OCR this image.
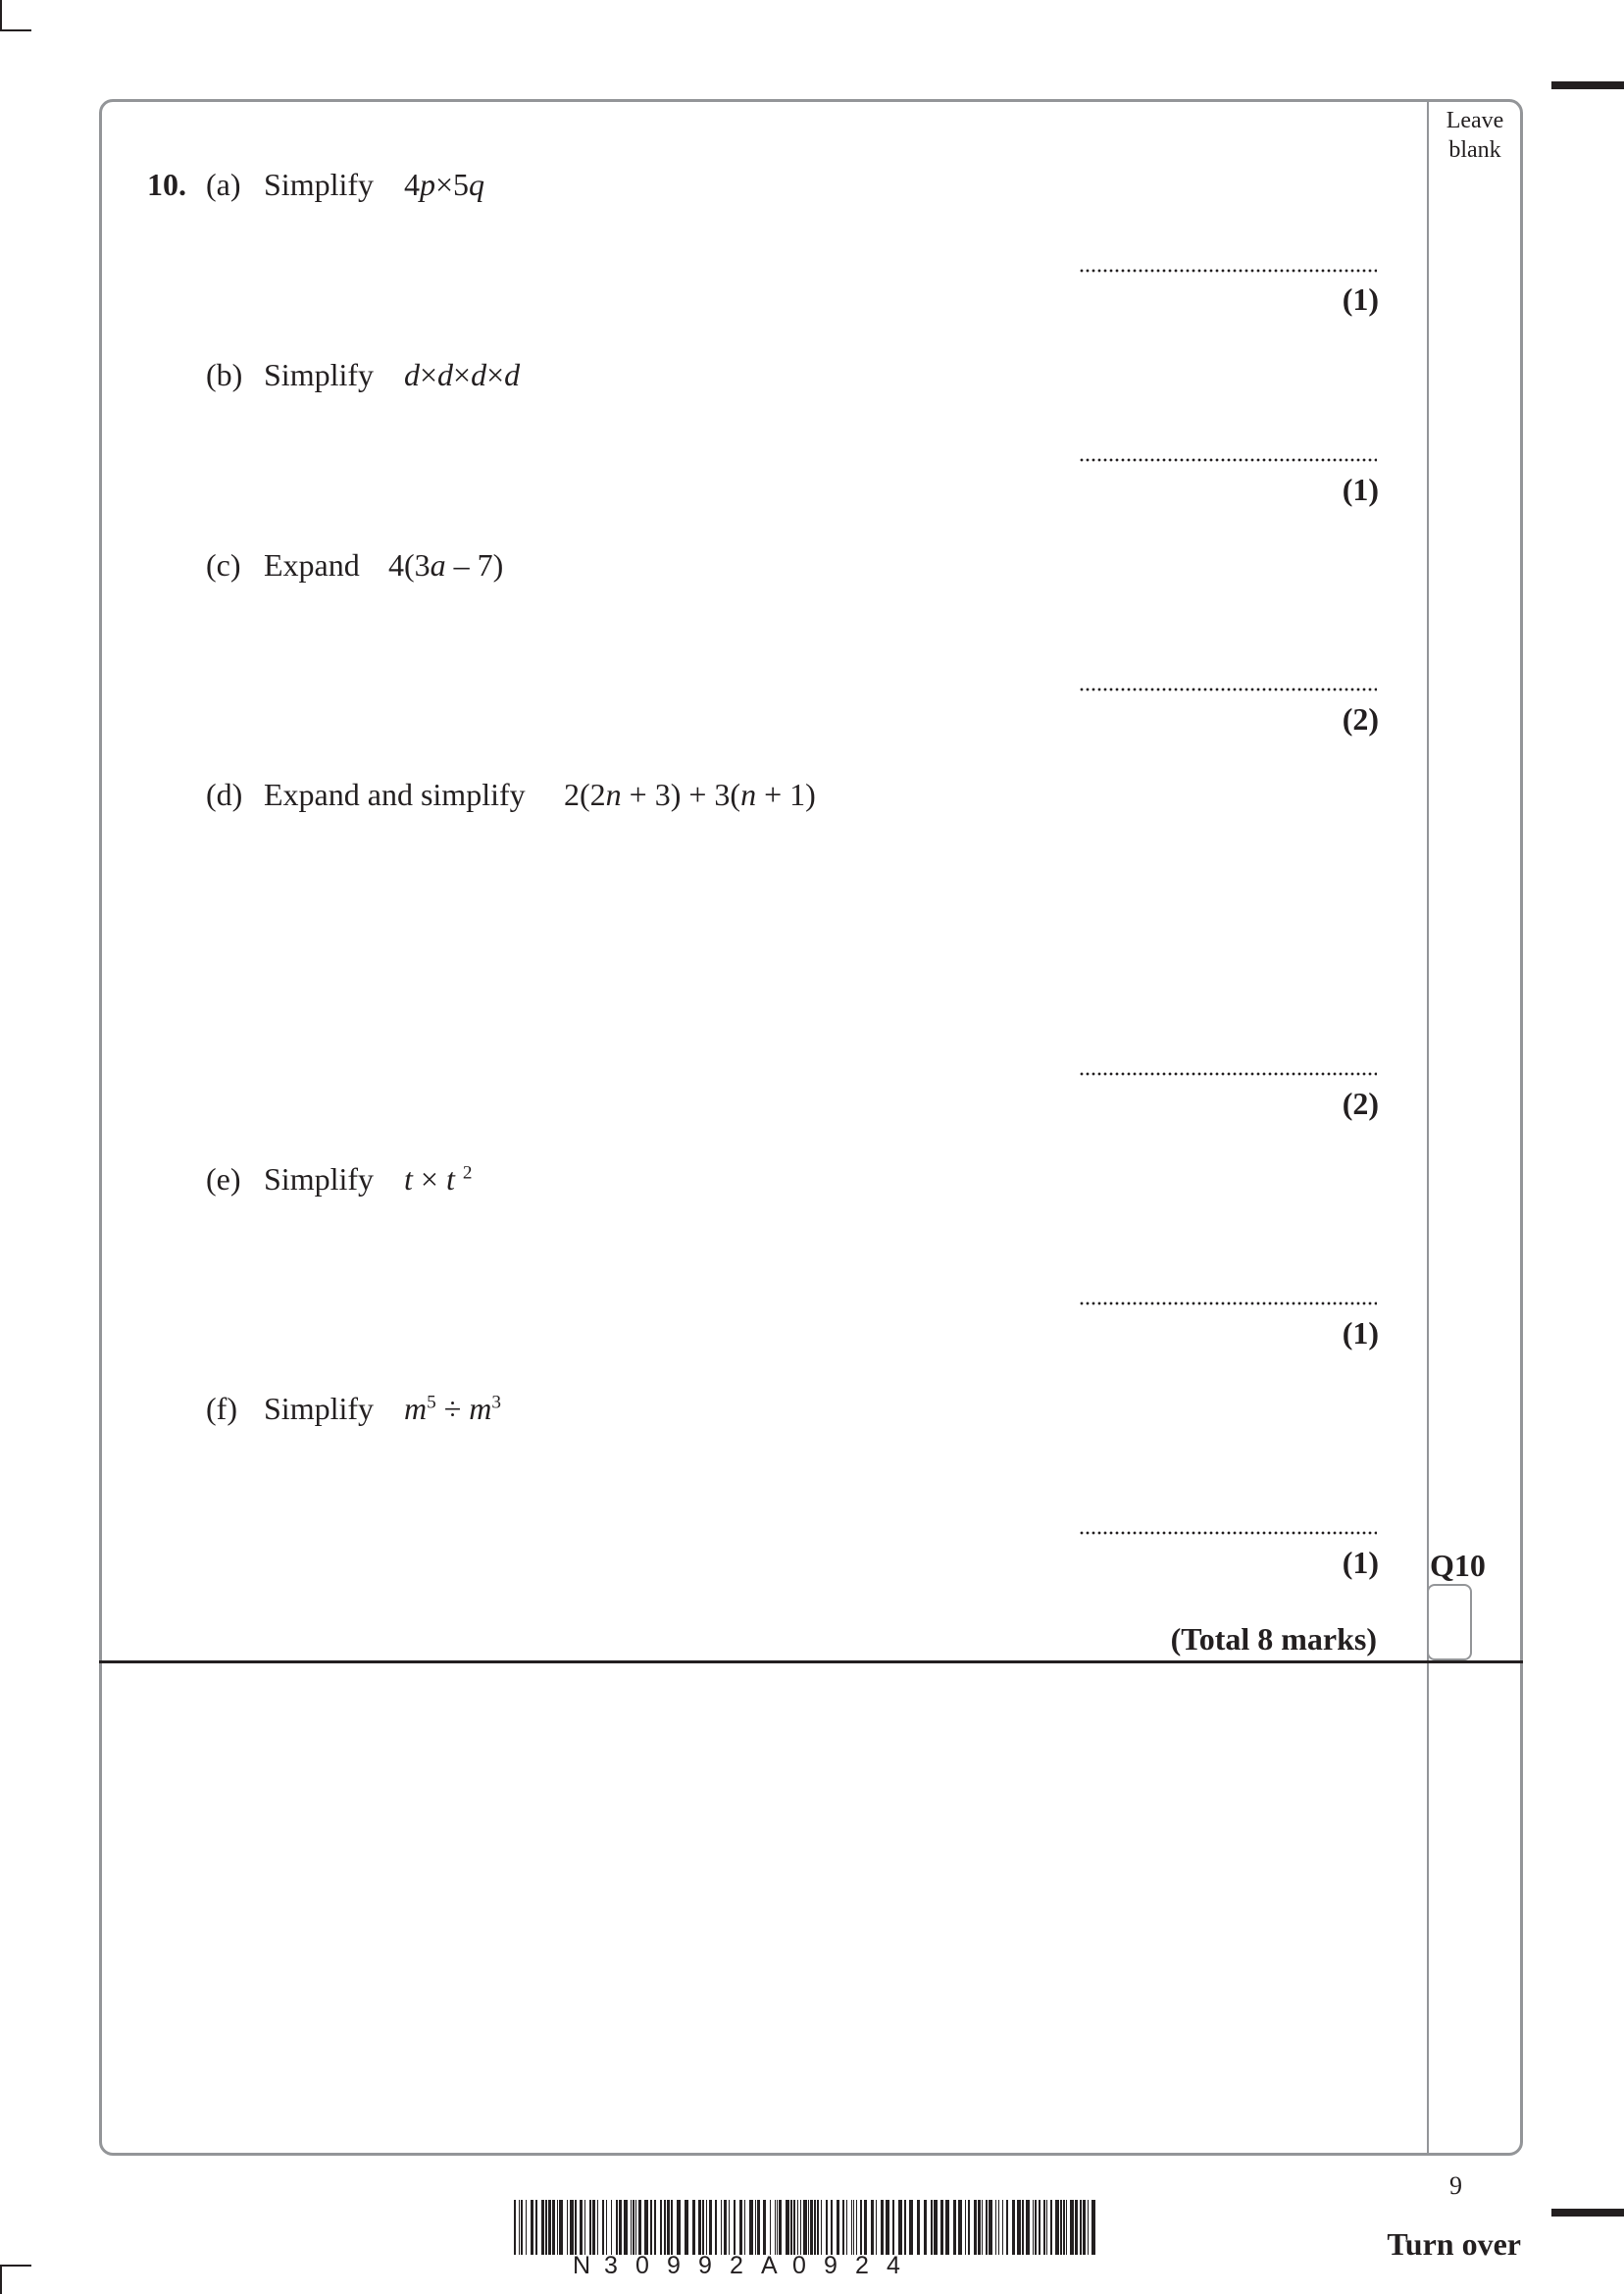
Leave
blank
10. (a) Simplify 4p×5q
(1)
(b) Simplify d×d×d×d
(1)
(c) Expand 4(3a – 7)
(2)
(d) Expand and simplify 2(2n + 3) + 3(n + 1)
(2)
(e) Simplify t × t $^2$
(1)
(f) Simplify $m^5 \div m^3$
(1)
(Total 8 marks)
Q10
N 3 0 9 9 2 A 0 9 2 4
9
Turn over
